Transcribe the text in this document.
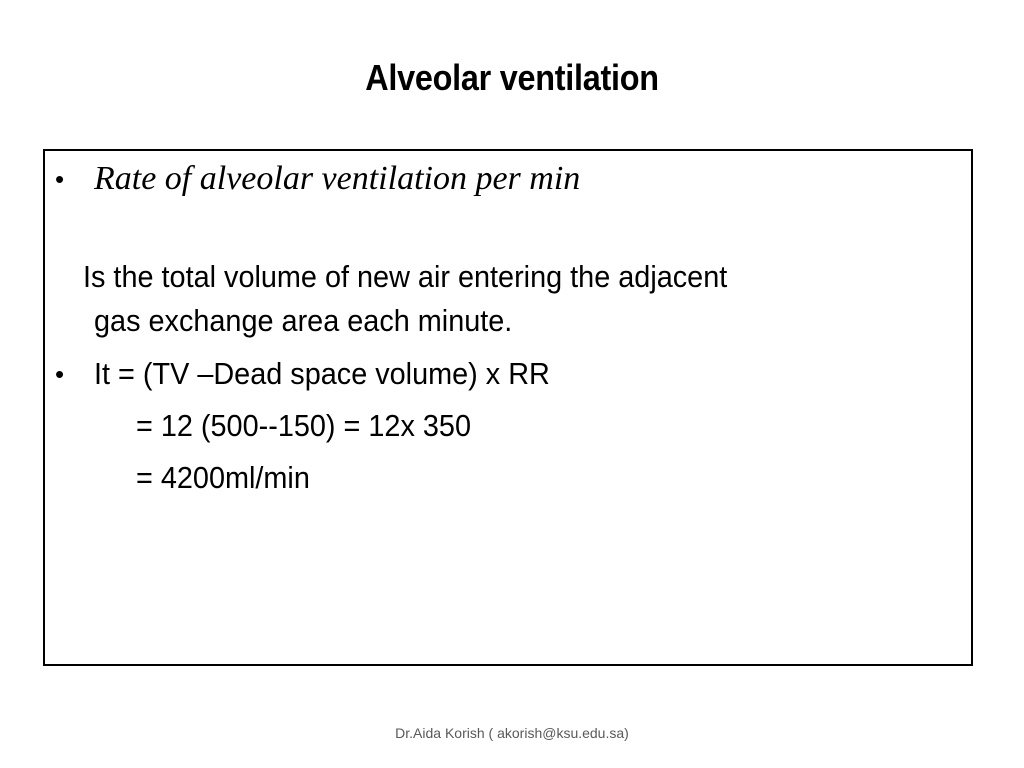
Alveolar ventilation
• Rate of alveolar ventilation per min
Is the total volume of new air entering the adjacent
gas exchange area each minute.
• It = (TV –Dead space volume) x RR
= 12 (500--150) = 12x 350
= 4200ml/min
Dr.Aida Korish ( akorish@ksu.edu.sa)
